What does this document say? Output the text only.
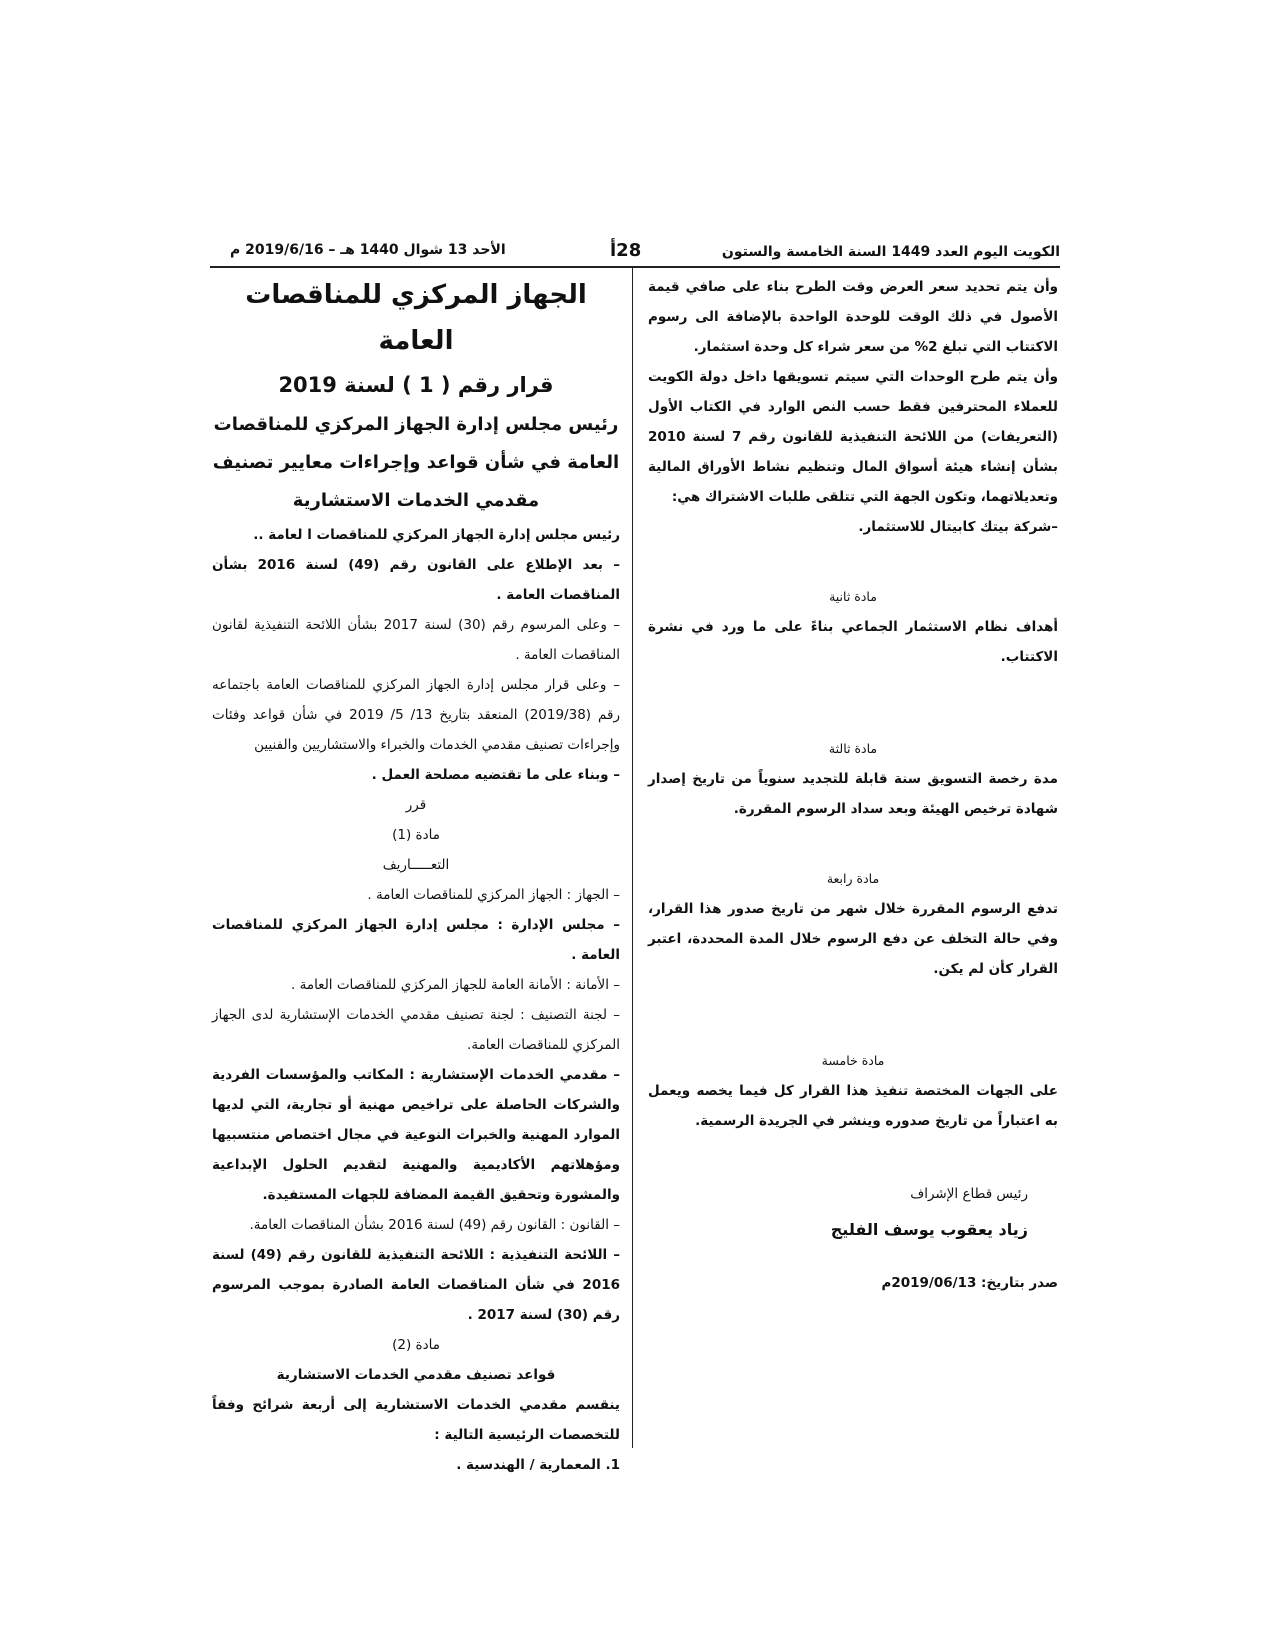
الكويت اليوم العدد 1449 السنة الخامسة والستون
28أ
الأحد 13 شوال 1440 هـ – 2019/6/16 م

وأن يتم تحديد سعر العرض وقت الطرح بناء على صافي قيمة الأصول في ذلك الوقت للوحدة الواحدة بالإضافة الى رسوم الاكتتاب التي تبلغ 2% من سعر شراء كل وحدة استثمار.

وأن يتم طرح الوحدات التي سيتم تسويقها داخل دولة الكويت للعملاء المحترفين فقط حسب النص الوارد في الكتاب الأول (التعريفات) من اللائحة التنفيذية للقانون رقم 7 لسنة 2010 بشأن إنشاء هيئة أسواق المال وتنظيم نشاط الأوراق المالية وتعديلاتهما، وتكون الجهة التي تتلقى طلبات الاشتراك هي:

–شركة بيتك كابيتال للاستثمار.

مادة ثانية

أهداف نظام الاستثمار الجماعي بناءً على ما ورد في نشرة الاكتتاب.

مادة ثالثة

مدة رخصة التسويق سنة قابلة للتجديد سنوياً من تاريخ إصدار شهادة ترخيص الهيئة وبعد سداد الرسوم المقررة.

مادة رابعة

تدفع الرسوم المقررة خلال شهر من تاريخ صدور هذا القرار، وفي حالة التخلف عن دفع الرسوم خلال المدة المحددة، اعتبر القرار كأن لم يكن.

مادة خامسة

على الجهات المختصة تنفيذ هذا القرار كل فيما يخصه ويعمل به اعتباراً من تاريخ صدوره وينشر في الجريدة الرسمية.

رئيس قطاع الإشراف
زياد يعقوب يوسف الفليج

صدر بتاريخ: 2019/06/13م

الجهاز المركزي للمناقصات العامة
قرار رقم ( 1 ) لسنة 2019
رئيس مجلس إدارة الجهاز المركزي للمناقصات العامة في شأن قواعد وإجراءات معايير تصنيف مقدمي الخدمات الاستشارية

رئيس مجلس إدارة الجهاز المركزي للمناقصات ا لعامة ..

– بعد الإطلاع على القانون رقم (49) لسنة 2016 بشأن المناقصات العامة .

– وعلى المرسوم رقم (30) لسنة 2017 بشأن اللائحة التنفيذية لقانون المناقصات العامة .

– وعلى قرار مجلس إدارة الجهاز المركزي للمناقصات العامة باجتماعه رقم (2019/38) المنعقد بتاريخ 13/ 5/ 2019 في شأن قواعد وفئات وإجراءات تصنيف مقدمي الخدمات والخبراء والاستشاريين والفنيين

– وبناء على ما تقتضيه مصلحة العمل .

قرر

مادة (1)

التعـــــاريف

– الجهاز : الجهاز المركزي للمناقصات العامة .

– مجلس الإدارة : مجلس إدارة الجهاز المركزي للمناقصات العامة .

– الأمانة : الأمانة العامة للجهاز المركزي للمناقصات العامة .

– لجنة التصنيف : لجنة تصنيف مقدمي الخدمات الإستشارية لدى الجهاز المركزي للمناقصات العامة.

– مقدمي الخدمات الإستشارية : المكاتب والمؤسسات الفردية والشركات الحاصلة على تراخيص مهنية أو تجارية، التي لديها الموارد المهنية والخبرات النوعية في مجال اختصاص منتسبيها ومؤهلاتهم الأكاديمية والمهنية لتقديم الحلول الإبداعية والمشورة وتحقيق القيمة المضافة للجهات المستفيدة.

– القانون : القانون رقم (49) لسنة 2016 بشأن المناقصات العامة.

– اللائحة التنفيذية : اللائحة التنفيذية للقانون رقم (49) لسنة 2016 في شأن المناقصات العامة الصادرة بموجب المرسوم رقم (30) لسنة 2017 .

مادة (2)

قواعد تصنيف مقدمي الخدمات الاستشارية

ينقسم مقدمي الخدمات الاستشارية إلى أربعة شرائح وفقاً للتخصصات الرئيسية التالية :

1. المعمارية / الهندسية .
